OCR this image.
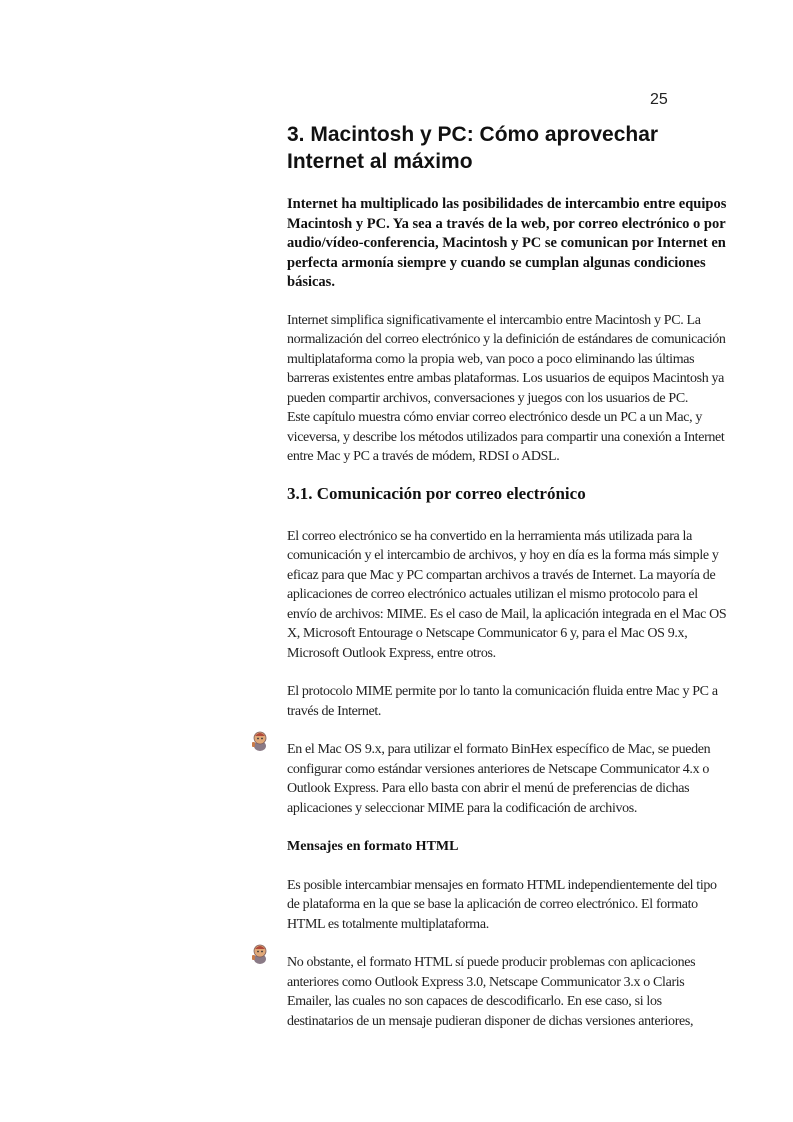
25
3. Macintosh y PC: Cómo aprovechar
Internet al máximo
Internet ha multiplicado las posibilidades de intercambio entre equipos Macintosh y PC. Ya sea a través de la web, por correo electrónico o por audio/vídeo-conferencia, Macintosh y PC se comunican por Internet en perfecta armonía siempre y cuando se cumplan algunas condiciones básicas.

Internet simplifica significativamente el intercambio entre Macintosh y PC. La normalización del correo electrónico y la definición de estándares de comunicación multiplataforma como la propia web, van poco a poco eliminando las últimas barreras existentes entre ambas plataformas. Los usuarios de equipos Macintosh ya pueden compartir archivos, conversaciones y juegos con los usuarios de PC.

Este capítulo muestra cómo enviar correo electrónico desde un PC a un Mac, y viceversa, y describe los métodos utilizados para compartir una conexión a Internet entre Mac y PC a través de módem, RDSI o ADSL.

3.1. Comunicación por correo electrónico

El correo electrónico se ha convertido en la herramienta más utilizada para la comunicación y el intercambio de archivos, y hoy en día es la forma más simple y eficaz para que Mac y PC compartan archivos a través de Internet. La mayoría de aplicaciones de correo electrónico actuales utilizan el mismo protocolo para el envío de archivos: MIME. Es el caso de Mail, la aplicación integrada en el Mac OS X, Microsoft Entourage o Netscape Communicator 6 y, para el Mac OS 9.x, Microsoft Outlook Express, entre otros.

El protocolo MIME permite por lo tanto la comunicación fluida entre Mac y PC a través de Internet.

En el Mac OS 9.x, para utilizar el formato BinHex específico de Mac, se pueden configurar como estándar versiones anteriores de Netscape Communicator 4.x o Outlook Express. Para ello basta con abrir el menú de preferencias de dichas aplicaciones y seleccionar MIME para la codificación de archivos.

Mensajes en formato HTML

Es posible intercambiar mensajes en formato HTML independientemente del tipo de plataforma en la que se base la aplicación de correo electrónico. El formato HTML es totalmente multiplataforma.

No obstante, el formato HTML sí puede producir problemas con aplicaciones anteriores como Outlook Express 3.0, Netscape Communicator 3.x o Claris Emailer, las cuales no son capaces de descodificarlo. En ese caso, si los destinatarios de un mensaje pudieran disponer de dichas versiones anteriores,
